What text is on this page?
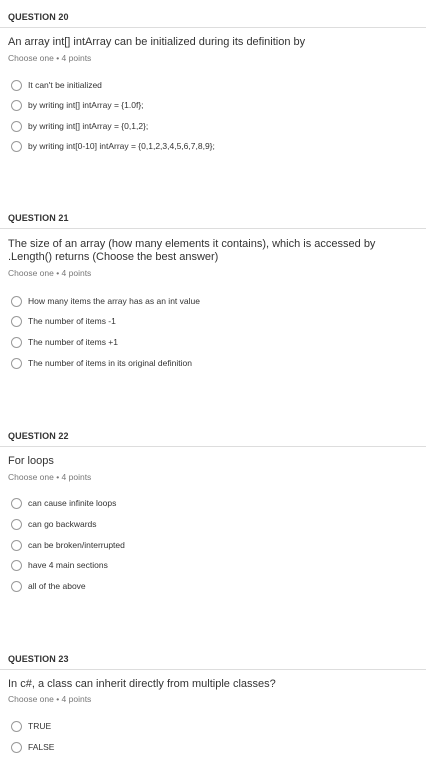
QUESTION 20
An array int[] intArray can be initialized during its definition by
Choose one • 4 points
It can't be initialized
by writing int[] intArray = {1.0f};
by writing int[] intArray = {0,1,2};
by writing int[0-10] intArray = {0,1,2,3,4,5,6,7,8,9};
QUESTION 21
The size of an array (how many elements it contains), which is accessed by .Length() returns (Choose the best answer)
Choose one • 4 points
How many items the array has as an int value
The number of items -1
The number of items +1
The number of items in its original definition
QUESTION 22
For loops
Choose one • 4 points
can cause infinite loops
can go backwards
can be broken/interrupted
have 4 main sections
all of the above
QUESTION 23
In c#, a class can inherit directly from multiple classes?
Choose one • 4 points
TRUE
FALSE
